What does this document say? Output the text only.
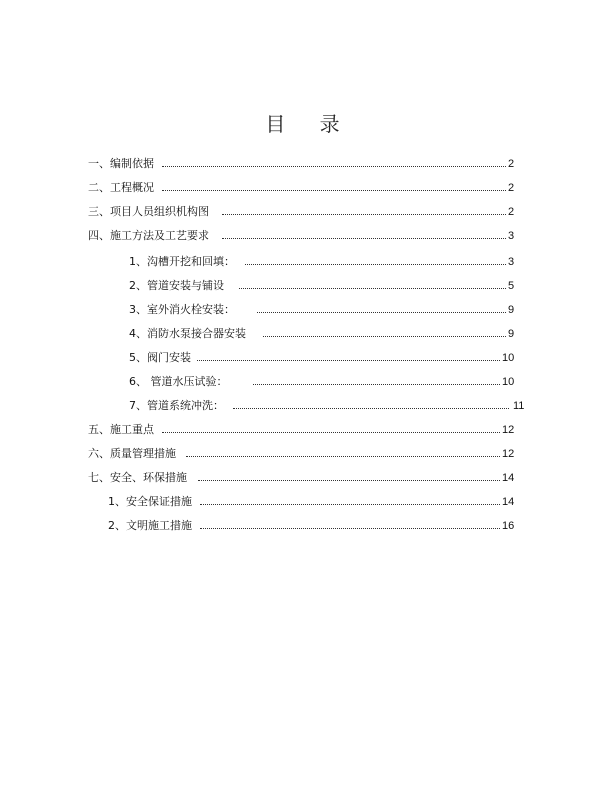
目 录
一、编制依据	2
二、工程概况	2
三、项目人员组织机构图	2
四、施工方法及工艺要求	3
1、沟槽开挖和回填：	3
2、管道安装与铺设	5
3、室外消火栓安装：	9
4、消防水泵接合器安装	9
5、阀门安装	10
6、 管道水压试验：	10
7、管道系统冲洗：	11
五、施工重点	12
六、质量管理措施	12
七、安全、环保措施	14
1、安全保证措施	14
2、文明施工措施	16
